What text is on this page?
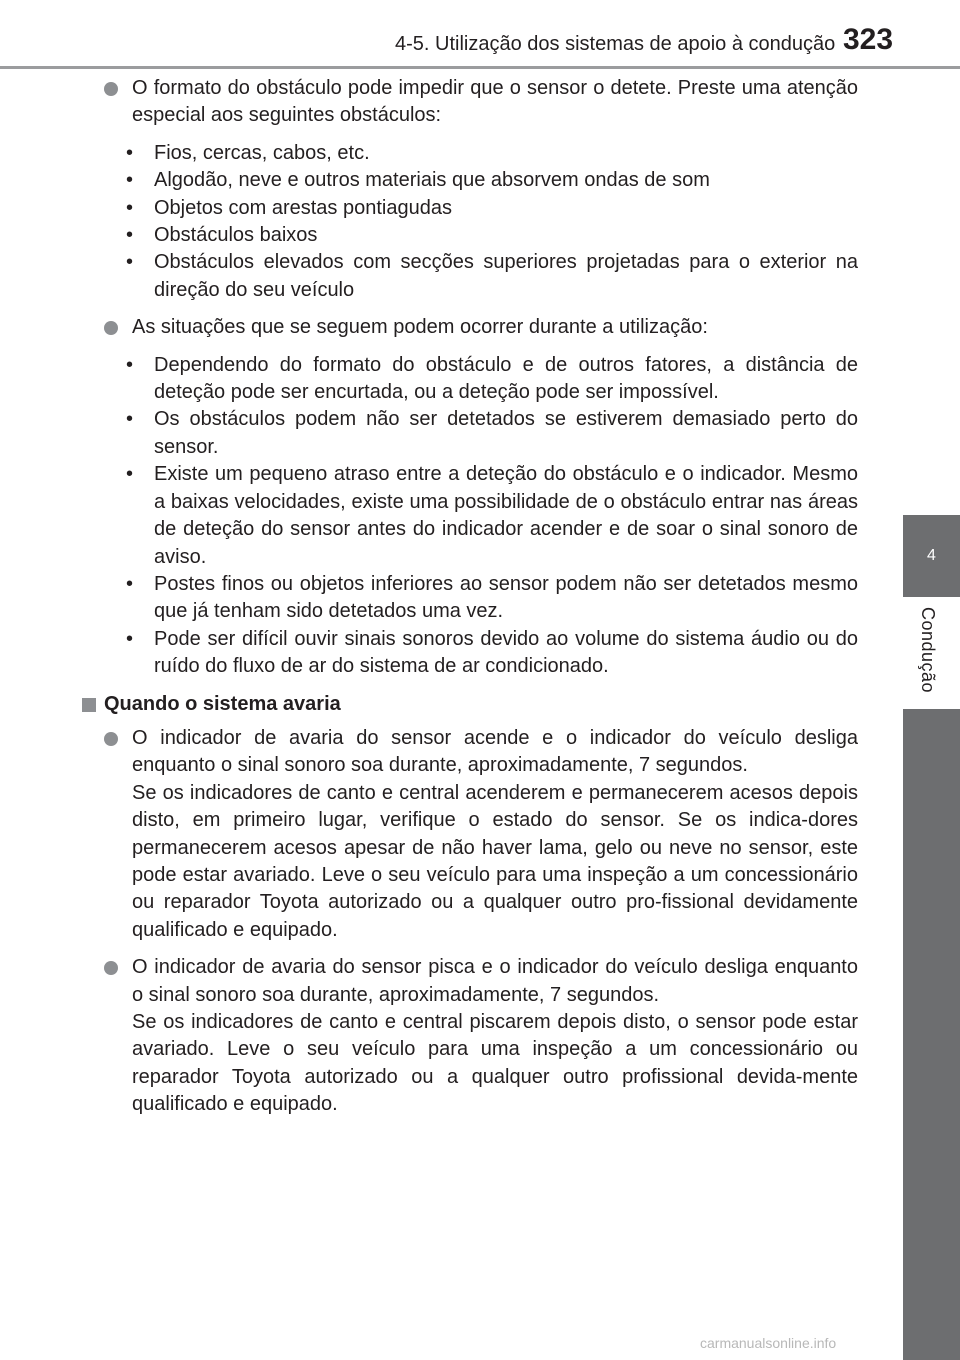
4-5. Utilização dos sistemas de apoio à condução 323
4
Condução
O formato do obstáculo pode impedir que o sensor o detete. Preste uma atenção especial aos seguintes obstáculos:
• Fios, cercas, cabos, etc.
• Algodão, neve e outros materiais que absorvem ondas de som
• Objetos com arestas pontiagudas
• Obstáculos baixos
• Obstáculos elevados com secções superiores projetadas para o exterior na direção do seu veículo
As situações que se seguem podem ocorrer durante a utilização:
• Dependendo do formato do obstáculo e de outros fatores, a distância de deteção pode ser encurtada, ou a deteção pode ser impossível.
• Os obstáculos podem não ser detetados se estiverem demasiado perto do sensor.
• Existe um pequeno atraso entre a deteção do obstáculo e o indicador. Mesmo a baixas velocidades, existe uma possibilidade de o obstáculo entrar nas áreas de deteção do sensor antes do indicador acender e de soar o sinal sonoro de aviso.
• Postes finos ou objetos inferiores ao sensor podem não ser detetados mesmo que já tenham sido detetados uma vez.
• Pode ser difícil ouvir sinais sonoros devido ao volume do sistema áudio ou do ruído do fluxo de ar do sistema de ar condicionado.
Quando o sistema avaria
O indicador de avaria do sensor acende e o indicador do veículo desliga enquanto o sinal sonoro soa durante, aproximadamente, 7 segundos.
Se os indicadores de canto e central acenderem e permanecerem acesos depois disto, em primeiro lugar, verifique o estado do sensor. Se os indica-dores permanecerem acesos apesar de não haver lama, gelo ou neve no sensor, este pode estar avariado. Leve o seu veículo para uma inspeção a um concessionário ou reparador Toyota autorizado ou a qualquer outro pro-fissional devidamente qualificado e equipado.
O indicador de avaria do sensor pisca e o indicador do veículo desliga enquanto o sinal sonoro soa durante, aproximadamente, 7 segundos.
Se os indicadores de canto e central piscarem depois disto, o sensor pode estar avariado. Leve o seu veículo para uma inspeção a um concessionário ou reparador Toyota autorizado ou a qualquer outro profissional devida-mente qualificado e equipado.
carmanualsonline.info
